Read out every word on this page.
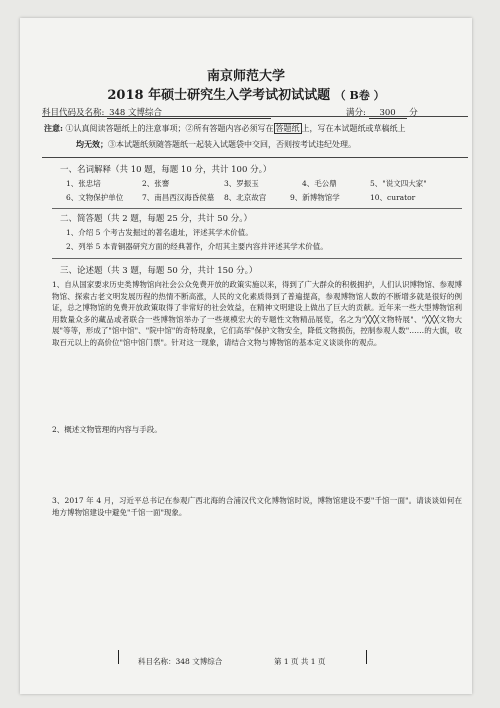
南京师范大学
2018 年硕士研究生入学考试初试试题 （ B卷 ）
科目代码及名称: 348 文博综合	满分: 300 分
注意: ①认真阅读答题纸上的注意事项；②所有答题内容必须写在 答题纸 上，写在本试题纸或草稿纸上
均无效；③本试题纸须随答题纸一起装入试题袋中交回，否则按考试违纪处理。
一、名词解释（共 10 题，每题 10 分，共计 100 分。）
1、张忠培	2、张謇	3、罗振玉	4、毛公鼎	5、"说文四大家"
6、文物保护单位 7、南昌西汉海昏侯墓 8、北京故宫	9、新博物馆学	10、curator
二、简答题（共 2 题，每题 25 分，共计 50 分。）
1、介绍 5 个考古发掘过的著名遗址，评述其学术价值。
2、列举 5 本青铜器研究方面的经典著作，介绍其主要内容并评述其学术价值。
三、论述题（共 3 题，每题 50 分，共计 150 分。）
1、自从国家要求历史类博物馆向社会公众免费开放的政策实施以来，得到了广大群众的积极拥护，人们认识博物馆、参观博物馆、探索古老文明发展历程的热情不断高涨，人民的文化素质得到了普遍提高，参观博物馆人数的不断增多就是很好的例证，总之博物馆的免费开放政策取得了非常好的社会效益，在精神文明建设上做出了巨大的贡献。近年来一些大型博物馆利用数量众多的藏品或者联合一些博物馆举办了一些规模宏大的专题性文物精品展览，名之为"╳╳╳文物特展"、"╳╳╳文物大展"等等，形成了"馆中馆"、"院中馆"的奇特现象，它们高举"保护文物安全，降低文物损伤，控制参观人数"……的大旗，收取百元以上的高价位"馆中馆门票"。针对这一现象，请结合文物与博物馆的基本定义谈谈你的观点。
2、概述文物管理的内容与手段。
3、2017 年 4 月，习近平总书记在参观广西北海的合浦汉代文化博物馆时说，博物馆建设不要"千馆一面"。请谈谈如何在地方博物馆建设中避免"千馆一面"现象。
科目名称：348 文博综合	第 1 页 共 1 页
